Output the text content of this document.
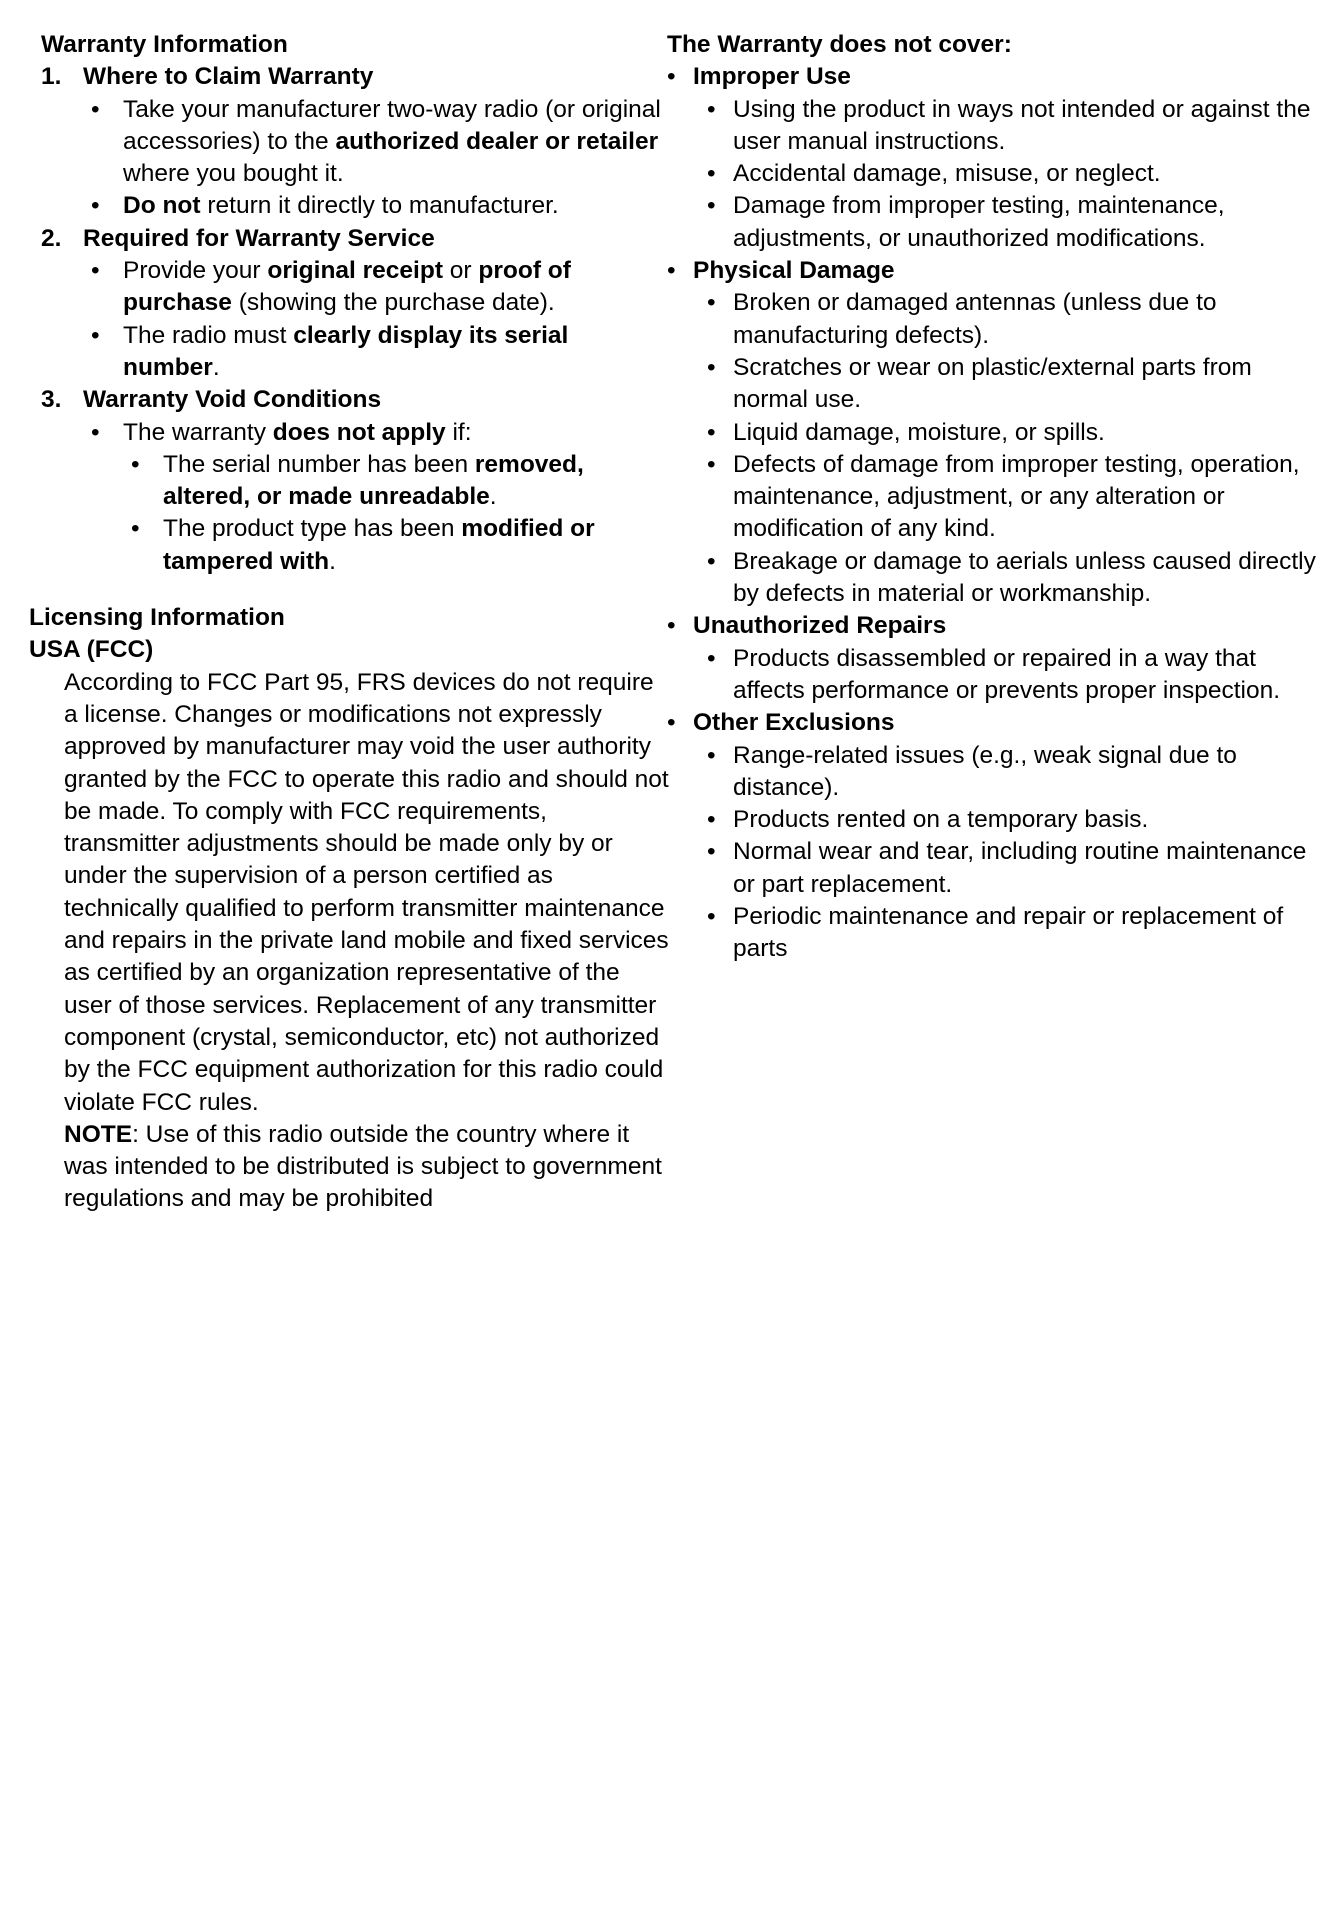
Warranty Information
1. Where to Claim Warranty
• Take your manufacturer two-way radio (or original accessories) to the authorized dealer or retailer where you bought it.
• Do not return it directly to manufacturer.
2. Required for Warranty Service
• Provide your original receipt or proof of purchase (showing the purchase date).
• The radio must clearly display its serial number.
3. Warranty Void Conditions
• The warranty does not apply if:
• The serial number has been removed, altered, or made unreadable.
• The product type has been modified or tampered with.
Licensing Information
USA (FCC)

According to FCC Part 95, FRS devices do not require a license. Changes or modifications not expressly approved by manufacturer may void the user authority granted by the FCC to operate this radio and should not be made. To comply with FCC requirements, transmitter adjustments should be made only by or under the supervision of a person certified as technically qualified to perform transmitter maintenance and repairs in the private land mobile and fixed services as certified by an organization representative of the user of those services. Replacement of any transmitter component (crystal, semiconductor, etc) not authorized by the FCC equipment authorization for this radio could violate FCC rules.

NOTE: Use of this radio outside the country where it was intended to be distributed is subject to government regulations and may be prohibited

The Warranty does not cover:
• Improper Use
• Using the product in ways not intended or against the user manual instructions.
• Accidental damage, misuse, or neglect.
• Damage from improper testing, maintenance, adjustments, or unauthorized modifications.
• Physical Damage
• Broken or damaged antennas (unless due to manufacturing defects).
• Scratches or wear on plastic/external parts from normal use.
• Liquid damage, moisture, or spills.
• Defects of damage from improper testing, operation, maintenance, adjustment, or any alteration or modification of any kind.
• Breakage or damage to aerials unless caused directly by defects in material or workmanship.
• Unauthorized Repairs
• Products disassembled or repaired in a way that affects performance or prevents proper inspection.
• Other Exclusions
• Range-related issues (e.g., weak signal due to distance).
• Products rented on a temporary basis.
• Normal wear and tear, including routine maintenance or part replacement.
• Periodic maintenance and repair or replacement of parts
